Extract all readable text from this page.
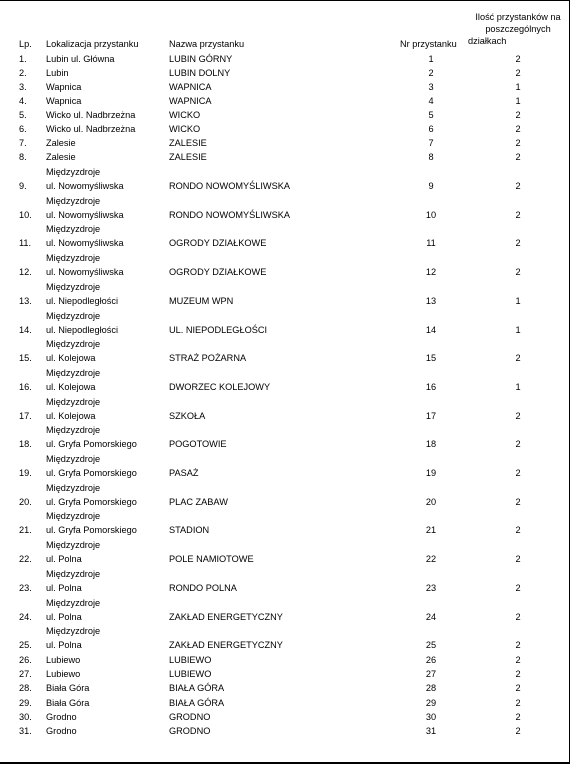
Ilość przystanków na
poszczególnych
działkach
Lp. Lokalizacja przystanku	Nazwa przystanku	Nr przystanku
1. Lubin ul. Główna	LUBIN GÓRNY	1	2
2. Lubin	LUBIN DOLNY	2	2
3. Wapnica	WAPNICA	3	1
4. Wapnica	WAPNICA	4	1
5. Wicko ul. Nadbrzeżna	WICKO	5	2
6. Wicko ul. Nadbrzeżna	WICKO	6	2
7. Zalesie	ZALESIE	7	2
8. Zalesie	ZALESIE	8	2
Międzyzdroje
9. ul. Nowomyśliwska	RONDO NOWOMYŚLIWSKA	9	2
Międzyzdroje
10. ul. Nowomyśliwska	RONDO NOWOMYŚLIWSKA	10	2
Międzyzdroje
11. ul. Nowomyśliwska	OGRODY DZIAŁKOWE	11	2
Międzyzdroje
12. ul. Nowomyśliwska	OGRODY DZIAŁKOWE	12	2
Międzyzdroje
13. ul. Niepodległości	MUZEUM WPN	13	1
Międzyzdroje
14. ul. Niepodległości	UL. NIEPODLEGŁOŚCI	14	1
Międzyzdroje
15. ul. Kolejowa	STRAŻ POŻARNA	15	2
Międzyzdroje
16. ul. Kolejowa	DWORZEC KOLEJOWY	16	1
Międzyzdroje
17. ul. Kolejowa	SZKOŁA	17	2
Międzyzdroje
18. ul. Gryfa Pomorskiego	POGOTOWIE	18	2
Międzyzdroje
19. ul. Gryfa Pomorskiego	PASAŻ	19	2
Międzyzdroje
20. ul. Gryfa Pomorskiego	PLAC ZABAW	20	2
Międzyzdroje
21. ul. Gryfa Pomorskiego	STADION	21	2
Międzyzdroje
22. ul. Polna	POLE NAMIOTOWE	22	2
Międzyzdroje
23. ul. Polna	RONDO POLNA	23	2
Międzyzdroje
24. ul. Polna	ZAKŁAD ENERGETYCZNY	24	2
Międzyzdroje
25. ul. Polna	ZAKŁAD ENERGETYCZNY	25	2
26. Lubiewo	LUBIEWO	26	2
27. Lubiewo	LUBIEWO	27	2
28. Biała Góra	BIAŁA GÓRA	28	2
29. Biała Góra	BIAŁA GÓRA	29	2
30. Grodno	GRODNO	30	2
31. Grodno	GRODNO	31	2
